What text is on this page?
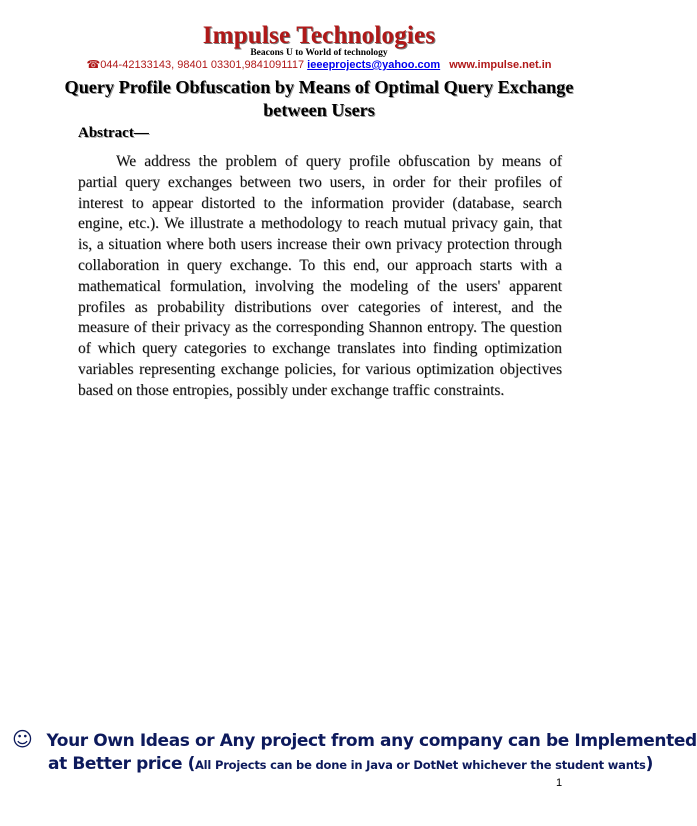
Impulse Technologies
Beacons U to World of technology
☎044-42133143, 98401 03301,9841091117 ieeeprojects@yahoo.com www.impulse.net.in
Query Profile Obfuscation by Means of Optimal Query Exchange between Users
Abstract—
We address the problem of query profile obfuscation by means of partial query exchanges between two users, in order for their profiles of interest to appear distorted to the information provider (database, search engine, etc.). We illustrate a methodology to reach mutual privacy gain, that is, a situation where both users increase their own privacy protection through collaboration in query exchange. To this end, our approach starts with a mathematical formulation, involving the modeling of the users' apparent profiles as probability distributions over categories of interest, and the measure of their privacy as the corresponding Shannon entropy. The question of which query categories to exchange translates into finding optimization variables representing exchange policies, for various optimization objectives based on those entropies, possibly under exchange traffic constraints.
☺ Your Own Ideas or Any project from any company can be Implemented
at Better price (All Projects can be done in Java or DotNet whichever the student wants)
1
